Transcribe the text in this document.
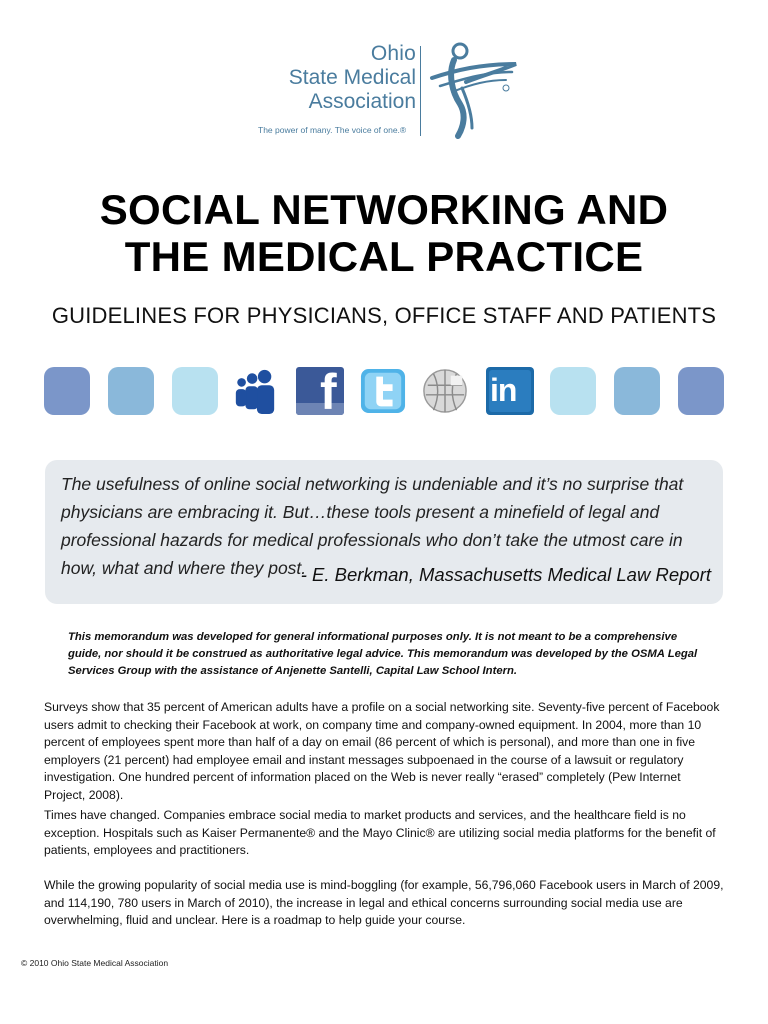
Ohio
State Medical
Association
The power of many. The voice of one.®
SOCIAL NETWORKING AND
THE MEDICAL PRACTICE
GUIDELINES FOR PHYSICIANS, OFFICE STAFF AND PATIENTS
f	in
The usefulness of online social networking is undeniable and it’s no surprise that physicians are embracing it. But…these tools present a minefield of legal and professional hazards for medical professionals who don’t take the utmost care in how, what and where they post.
- E. Berkman, Massachusetts Medical Law Report
This memorandum was developed for general informational purposes only. It is not meant to be a comprehensive guide, nor should it be construed as authoritative legal advice. This memorandum was developed by the OSMA Legal Services Group with the assistance of Anjenette Santelli, Capital Law School Intern.
Surveys show that 35 percent of American adults have a profile on a social networking site. Seventy-five percent of Facebook users admit to checking their Facebook at work, on company time and company-owned equipment. In 2004, more than 10 percent of employees spent more than half of a day on email (86 percent of which is personal), and more than one in five employers (21 percent) had employee email and instant messages subpoenaed in the course of a lawsuit or regulatory investigation. One hundred percent of information placed on the Web is never really “erased” completely (Pew Internet Project, 2008).
Times have changed. Companies embrace social media to market products and services, and the healthcare field is no exception. Hospitals such as Kaiser Permanente® and the Mayo Clinic® are utilizing social media platforms for the benefit of patients, employees and practitioners.
While the growing popularity of social media use is mind-boggling (for example, 56,796,060 Facebook users in March of 2009, and 114,190, 780 users in March of 2010), the increase in legal and ethical concerns surrounding social media use are overwhelming, fluid and unclear. Here is a roadmap to help guide your course.
© 2010 Ohio State Medical Association
